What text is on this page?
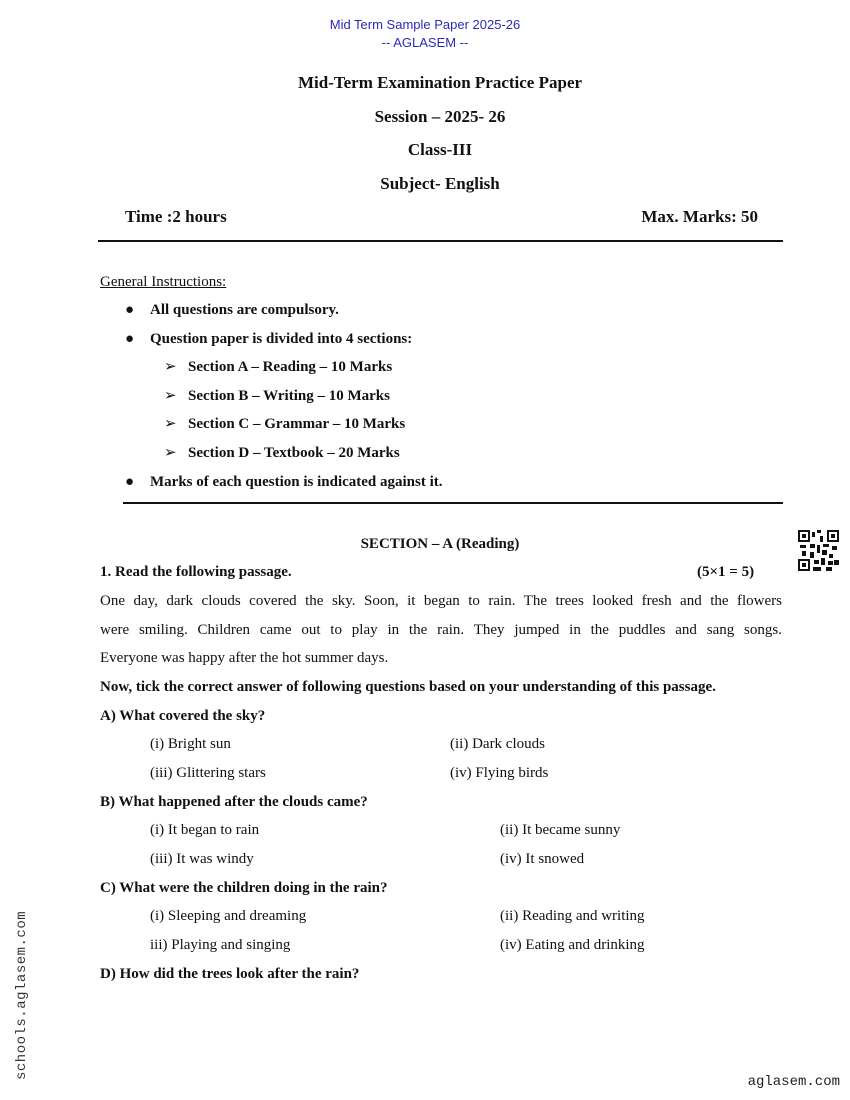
Mid Term Sample Paper 2025-26
-- AGLASEM --
Mid-Term Examination Practice Paper
Session – 2025- 26
Class-III
Subject- English
Time :2 hours	Max. Marks: 50
General Instructions:
● All questions are compulsory.
● Question paper is divided into 4 sections:
➢ Section A – Reading – 10 Marks
➢ Section B – Writing – 10 Marks
➢ Section C – Grammar – 10 Marks
➢ Section D – Textbook – 20 Marks
● Marks of each question is indicated against it.
SECTION – A (Reading)
1. Read the following passage.	(5×1 = 5)
One day, dark clouds covered the sky. Soon, it began to rain. The trees looked fresh and the flowers
were smiling. Children came out to play in the rain. They jumped in the puddles and sang songs.
Everyone was happy after the hot summer days.
Now, tick the correct answer of following questions based on your understanding of this passage.
A) What covered the sky?
(i) Bright sun	(ii) Dark clouds
(iii) Glittering stars	(iv) Flying birds
B) What happened after the clouds came?
(i) It began to rain	(ii) It became sunny
(iii) It was windy	(iv) It snowed
C) What were the children doing in the rain?
(i) Sleeping and dreaming	(ii) Reading and writing
iii) Playing and singing	(iv) Eating and drinking
D) How did the trees look after the rain?
schools.aglasem.com
aglasem.com
